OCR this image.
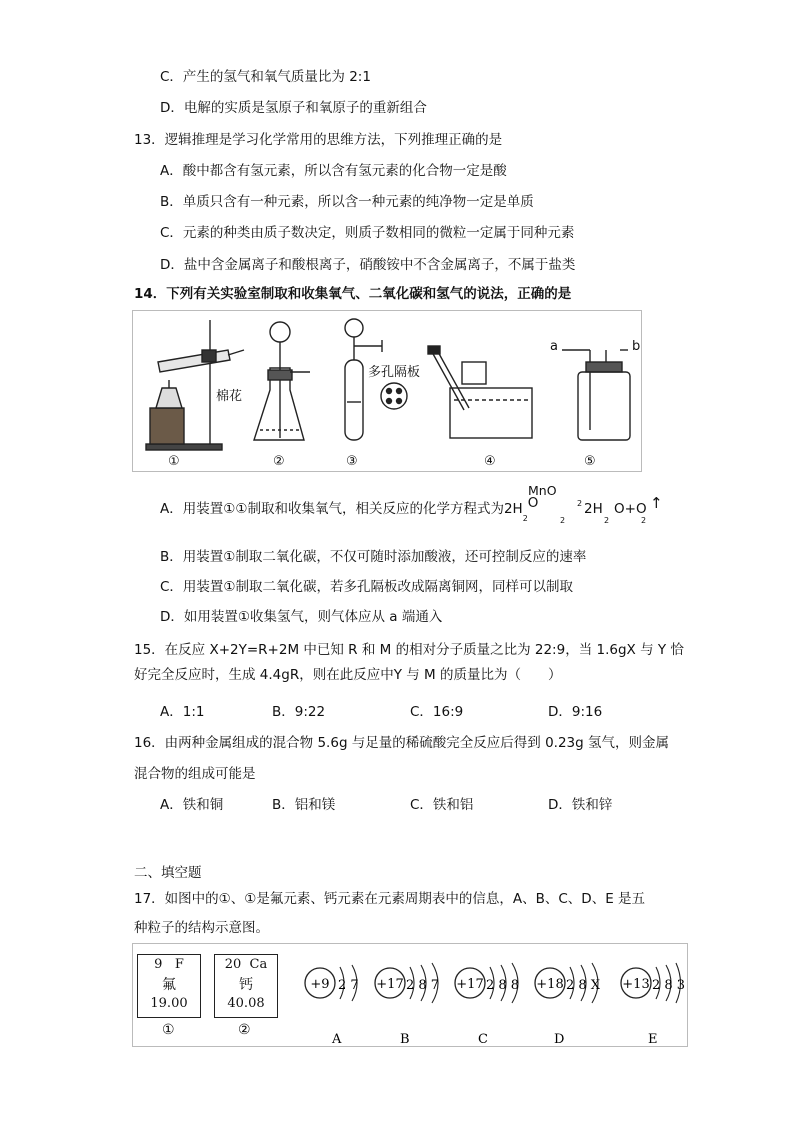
C．产生的氢气和氧气质量比为 2:1
D．电解的实质是氢原子和氧原子的重新组合
13．逻辑推理是学习化学常用的思维方法，下列推理正确的是
A．酸中都含有氢元素，所以含有氢元素的化合物一定是酸
B．单质只含有一种元素，所以含一种元素的纯净物一定是单质
C．元素的种类由质子数决定，则质子数相同的微粒一定属于同种元素
D．盐中含金属离子和酸根离子，硝酸铵中不含金属离子，不属于盐类
14．下列有关实验室制取和收集氧气、二氧化碳和氢气的说法，正确的是
棉花
①	②
多孔隔板
③	④
a	b
⑤
MnO
A．用装置①①制取和收集氧气，相关反应的化学方程式为$2H_2O$	2 2H O+O ↑
2	2	2
B．用装置①制取二氧化碳，不仅可随时添加酸液，还可控制反应的速率
C．用装置①制取二氧化碳，若多孔隔板改成隔离铜网，同样可以制取
D．如用装置①收集氢气，则气体应从 a 端通入
15．在反应 X+2Y=R+2M 中已知 R 和 M 的相对分子质量之比为 22:9，当 1.6gX 与 Y 恰
好完全反应时，生成 4.4gR，则在此反应中Y 与 M 的质量比为（　　）
A．1:1	B．9:22	C．16:9	D．9:16
16．由两种金属组成的混合物 5.6g 与足量的稀硫酸完全反应后得到 0.23g 氢气，则金属
混合物的组成可能是
A．铁和铜	B．铝和镁	C．铁和铝	D．铁和锌
二、填空题
17．如图中的①、①是氟元素、钙元素在元素周期表中的信息，A、B、C、D、E 是五
种粒子的结构示意图。
9 F
氟
19.00
①
20 Ca
钙
40.08
②
+9 2 7
A
+17 2 8 7
B
+17 2 8 8
C
+18 2 8 X
D
+13 2 8 3
E
